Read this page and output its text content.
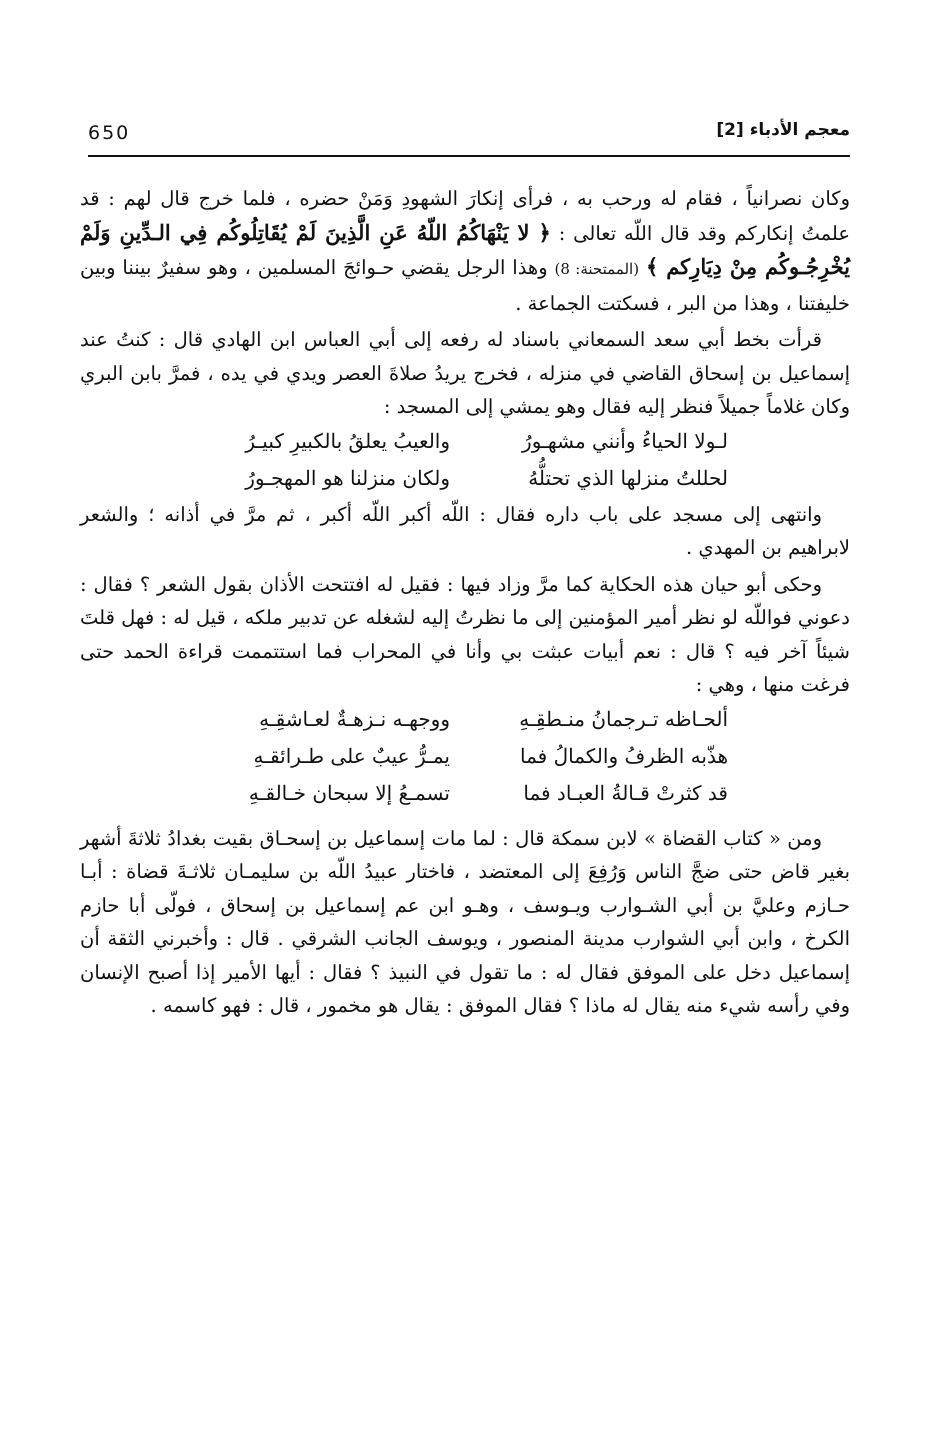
650	معجم الأدباء [2]

وكان نصرانياً ، فقام له ورحب به ، فرأى إنكارَ الشهودِ وَمَنْ حضره ، فلما خرج قال لهم : قد علمتُ إنكاركم وقد قال اللّه تعالى : ﴿ لا يَنْهَاكُمُ اللّهُ عَنِ الَّذِينَ لَمْ يُقَاتِلُوكُم فِي الـدِّينِ وَلَمْ يُخْرِجُـوكُم مِنْ دِيَارِكم ﴾ (الممتحنة: 8) وهذا الرجل يقضي حـوائجَ المسلمين ، وهو سفيرٌ بيننا وبين خليفتنا ، وهذا من البر ، فسكتت الجماعة .

قرأت بخط أبي سعد السمعاني باسناد له رفعه إلى أبي العباس ابن الهادي قال : كنتُ عند إسماعيل بن إسحاق القاضي في منزله ، فخرج يريدُ صلاةَ العصر ويدي في يده ، فمرَّ بابن البري وكان غلاماً جميلاً فنظر إليه فقال وهو يمشي إلى المسجد :

لـولا الحياءُ وأنني مشهـورُ
والعيبُ يعلقُ بالكبيرِ كبيـرُ
لحللتُ منزلها الذي تحتلُّهُ
ولكان منزلنا هو المهجـورُ

وانتهى إلى مسجد على باب داره فقال : اللّه أكبر اللّه أكبر ، ثم مرَّ في أذانه ؛ والشعر لابراهيم بن المهدي .

وحكى أبو حيان هذه الحكاية كما مرَّ وزاد فيها : فقيل له افتتحت الأذان بقول الشعر ؟ فقال : دعوني فواللّه لو نظر أمير المؤمنين إلى ما نظرتُ إليه لشغله عن تدبير ملكه ، قيل له : فهل قلتَ شيئاً آخر فيه ؟ قال : نعم أبيات عبثت بي وأنا في المحراب فما استتممت قراءة الحمد حتى فرغت منها ، وهي :

ألحـاظه تـرجمانُ منـطقِـهِ
ووجهـه نـزهـةٌ لعـاشقِـهِ
هذّبه الظرفُ والكمالُ فما
يمـرُّ عيبٌ على طـرائقـهِ
قد كثرتْ قـالةُ العبـاد فما
تسمـعُ إلا سبحان خـالقـهِ

ومن « كتاب القضاة » لابن سمكة قال : لما مات إسماعيل بن إسحـاق بقيت بغدادُ ثلاثةَ أشهر بغير قاض حتى ضجَّ الناس وَرُفِعَ إلى المعتضد ، فاختار عبيدُ اللّه بن سليمـان ثلاثـةَ قضاة : أبـا حـازم وعليَّ بن أبي الشـوارب ويـوسف ، وهـو ابن عم إسماعيل بن إسحاق ، فولّى أبا حازم الكرخ ، وابن أبي الشوارب مدينة المنصور ، ويوسف الجانب الشرقي . قال : وأخبرني الثقة أن إسماعيل دخل على الموفق فقال له : ما تقول في النبيذ ؟ فقال : أيها الأمير إذا أصبح الإنسان وفي رأسه شيء منه يقال له ماذا ؟ فقال الموفق : يقال هو مخمور ، قال : فهو كاسمه .
